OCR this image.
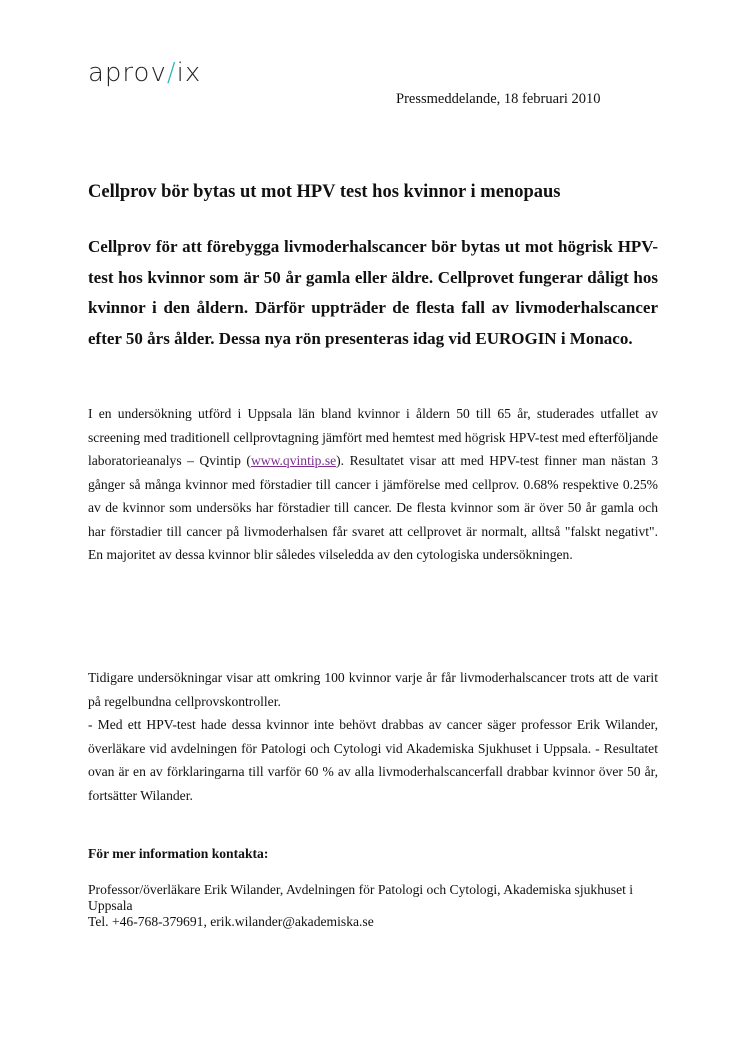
aprov/ix
Pressmeddelande, 18 februari 2010
Cellprov bör bytas ut mot HPV test hos kvinnor i menopaus

Cellprov för att förebygga livmoderhalscancer bör bytas ut mot högrisk HPV-test hos kvinnor som är 50 år gamla eller äldre. Cellprovet fungerar dåligt hos kvinnor i den åldern. Därför uppträder de flesta fall av livmoderhalscancer efter 50 års ålder. Dessa nya rön presenteras idag vid EUROGIN i Monaco.

I en undersökning utförd i Uppsala län bland kvinnor i åldern 50 till 65 år, studerades utfallet av screening med traditionell cellprovtagning jämfört med hemtest med högrisk HPV-test med efterföljande laboratorieanalys – Qvintip (www.qvintip.se). Resultatet visar att med HPV-test finner man nästan 3 gånger så många kvinnor med förstadier till cancer i jämförelse med cellprov. 0.68% respektive 0.25% av de kvinnor som undersöks har förstadier till cancer. De flesta kvinnor som är över 50 år gamla och har förstadier till cancer på livmoderhalsen får svaret att cellprovet är normalt, alltså "falskt negativt". En majoritet av dessa kvinnor blir således vilseledda av den cytologiska undersökningen.

Tidigare undersökningar visar att omkring 100 kvinnor varje år får livmoderhalscancer trots att de varit på regelbundna cellprovskontroller.

- Med ett HPV-test hade dessa kvinnor inte behövt drabbas av cancer säger professor Erik Wilander, överläkare vid avdelningen för Patologi och Cytologi vid Akademiska Sjukhuset i Uppsala. - Resultatet ovan är en av förklaringarna till varför 60 % av alla livmoderhalscancerfall drabbar kvinnor över 50 år, fortsätter Wilander.

För mer information kontakta:

Professor/överläkare Erik Wilander, Avdelningen för Patologi och Cytologi, Akademiska sjukhuset i Uppsala
Tel. +46-768-379691, erik.wilander@akademiska.se
